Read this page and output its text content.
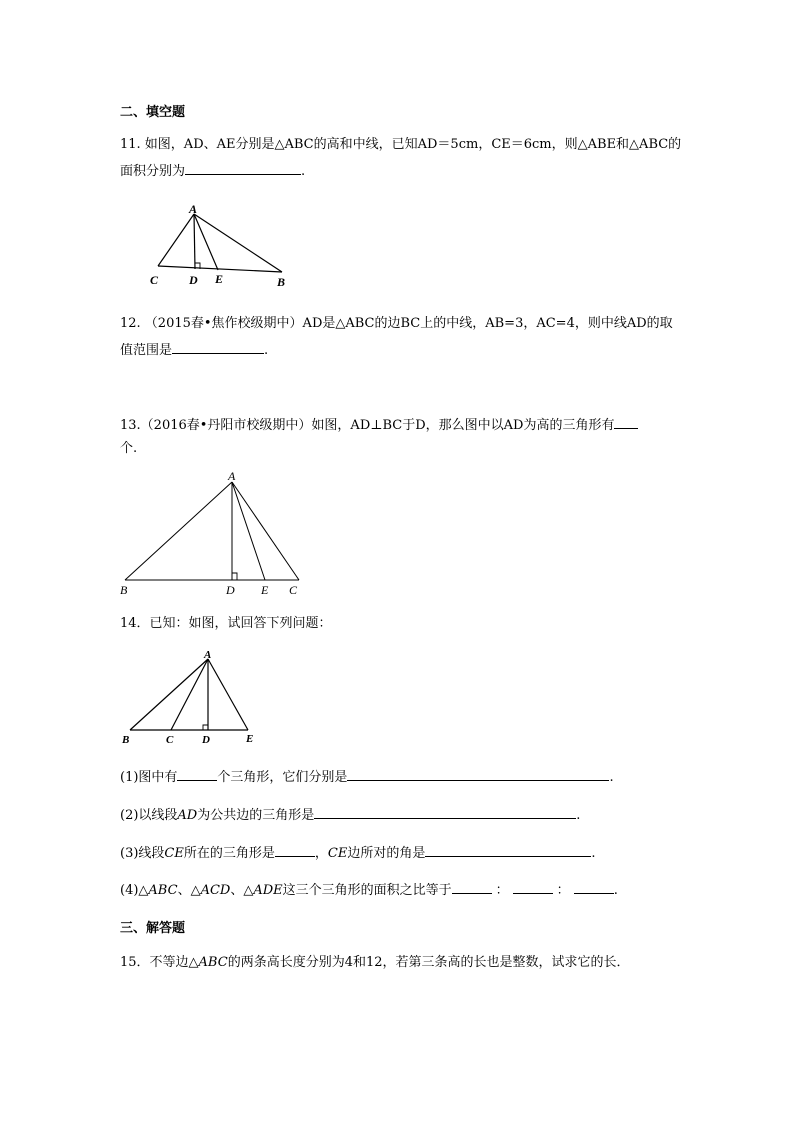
二、填空题
11. 如图，AD、AE分别是△ABC的高和中线，已知AD＝5cm，CE＝6cm，则△ABE和△ABC的
面积分别为	.
A
C	D E	B
12. （2015春•焦作校级期中）AD是△ABC的边BC上的中线，AB=3，AC=4，则中线AD的取
值范围是	.
13.（2016春•丹阳市校级期中）如图，AD⊥BC于D，那么图中以AD为高的三角形有
个.
A
B	D E C
14．已知：如图，试回答下列问题：
A
B	C	D	E
(1)图中有	个三角形，它们分别是	.
(2)以线段AD为公共边的三角形是	.
(3)线段CE所在的三角形是	，CE边所对的角是	.
(4)△ABC、△ACD、△ADE这三个三角形的面积之比等于	：	：	.
三、解答题
15．不等边△ABC的两条高长度分别为4和12，若第三条高的长也是整数，试求它的长．
